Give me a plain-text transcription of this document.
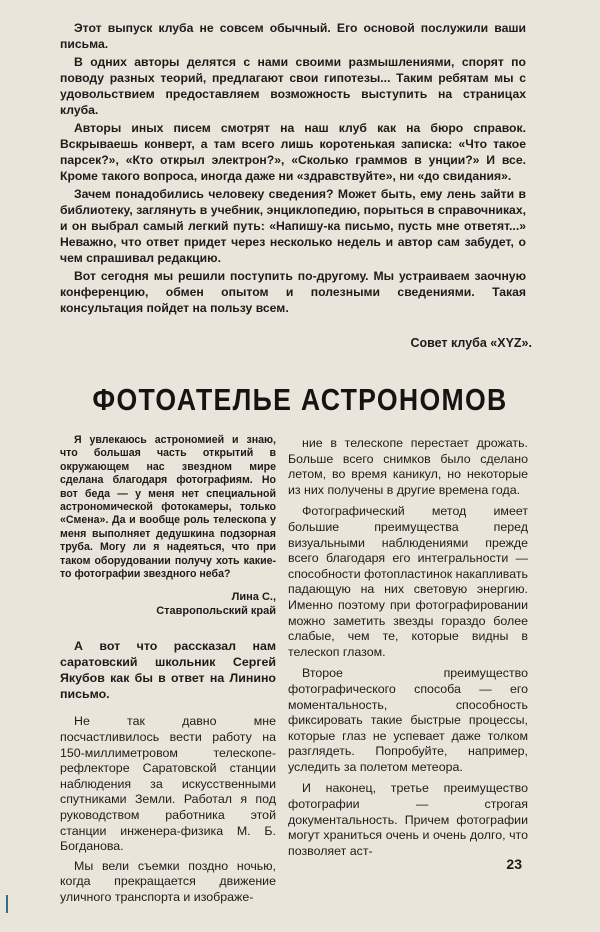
Этот выпуск клуба не совсем обычный. Его основой послужили ваши письма.

В одних авторы делятся с нами своими размышлениями, спорят по поводу разных теорий, предлагают свои гипотезы... Таким ребятам мы с удовольствием предоставляем возможность выступить на страницах клуба.

Авторы иных писем смотрят на наш клуб как на бюро справок. Вскрываешь конверт, а там всего лишь коротенькая записка: «Что такое парсек?», «Кто открыл электрон?», «Сколько граммов в унции?» И все. Кроме такого вопроса, иногда даже ни «здравствуйте», ни «до свидания».

Зачем понадобились человеку сведения? Может быть, ему лень зайти в библиотеку, заглянуть в учебник, энциклопедию, порыться в справочниках, и он выбрал самый легкий путь: «Напишу-ка письмо, пусть мне ответят...» Неважно, что ответ придет через несколько недель и автор сам забудет, о чем спрашивал редакцию.

Вот сегодня мы решили поступить по-другому. Мы устраиваем заочную конференцию, обмен опытом и полезными сведениями. Такая консультация пойдет на пользу всем.

Совет клуба «XYZ».

ФОТОАТЕЛЬЕ АСТРОНОМОВ

Я увлекаюсь астрономией и знаю, что большая часть открытий в окружающем нас звездном мире сделана благодаря фотографиям. Но вот беда — у меня нет специальной астрономической фотокамеры, только «Смена». Да и вообще роль телескопа у меня выполняет дедушкина подзорная труба. Могу ли я надеяться, что при таком оборудовании получу хоть какие-то фотографии звездного неба?

Лина С.,
Ставропольский край

А вот что рассказал нам саратовский школьник Сергей Якубов как бы в ответ на Линино письмо.

Не так давно мне посчастливилось вести работу на 150-миллиметровом телескопе-рефлекторе Саратовской станции наблюдения за искусственными спутниками Земли. Работал я под руководством работника этой станции инженера-физика М. Б. Богданова.

Мы вели съемки поздно ночью, когда прекращается движение уличного транспорта и изображе-

ние в телескопе перестает дрожать. Больше всего снимков было сделано летом, во время каникул, но некоторые из них получены в другие времена года.

Фотографический метод имеет большие преимущества перед визуальными наблюдениями прежде всего благодаря его интегральности — способности фотопластинок накапливать падающую на них световую энергию. Именно поэтому при фотографировании можно заметить звезды гораздо более слабые, чем те, которые видны в телескоп глазом.

Второе преимущество фотографического способа — его моментальность, способность фиксировать такие быстрые процессы, которые глаз не успевает даже толком разглядеть. Попробуйте, например, уследить за полетом метеора.

И наконец, третье преимущество фотографии — строгая документальность. Причем фотографии могут храниться очень и очень долго, что позволяет аст-

23
